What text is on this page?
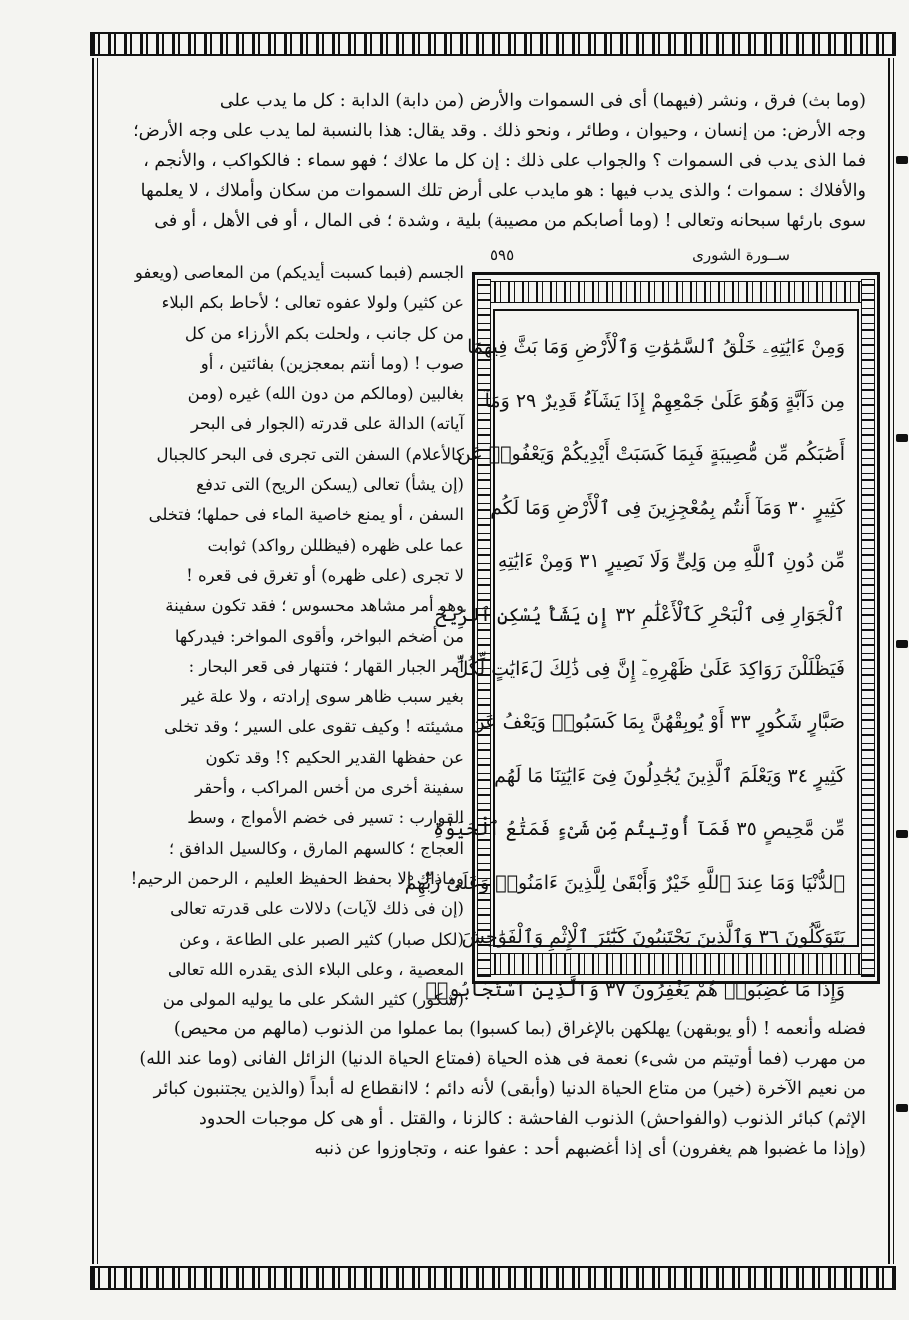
(وما بث) فرق ، ونشر (فيهما) أى فى السموات والأرض (من دابة) الدابة : كل ما يدب على

وجه الأرض: من إنسان ، وحيوان ، وطائر ، ونحو ذلك . وقد يقال: هذا بالنسبة لما يدب على وجه الأرض؛

فما الذى يدب فى السموات ؟ والجواب على ذلك : إن كل ما علاك ؛ فهو سماء : فالكواكب ، والأنجم ،

والأفلاك : سموات ؛ والذى يدب فيها : هو مايدب على أرض تلك السموات من سكان وأملاك ، لا يعلمها

سوى بارئها سبحانه وتعالى ! (وما أصابكم من مصيبة) بلية ، وشدة ؛ فى المال ، أو فى الأهل ، أو فى

ســورة الشورى
٥٩٥

الجسم (فبما كسبت أيديكم) من المعاصى (ويعفو

عن كثير) ولولا عفوه تعالى ؛ لأحاط بكم البلاء

من كل جانب ، ولحلت بكم الأرزاء من كل

صوب ! (وما أنتم بمعجزين) بفائتين ، أو

بغالبين (ومالكم من دون الله) غيره (ومن

آياته) الدالة على قدرته (الجوار فى البحر

كالأعلام) السفن التى تجرى فى البحر كالجبال

(إن يشأ) تعالى (يسكن الريح) التى تدفع

السفن ، أو يمنع خاصية الماء فى حملها؛ فتخلى

عما على ظهره (فيظللن رواكد) ثوابت

لا تجرى (على ظهره) أو تغرق فى قعره !

وهو أمر مشاهد محسوس ؛ فقد تكون سفينة

من أضخم البواخر، وأقوى المواخر: فيدركها

أمر الجبار القهار ؛ فتنهار فى قعر البحار :

بغير سبب ظاهر سوى إرادته ، ولا علة غير

مشيئته ! وكيف تقوى على السير ؛ وقد تخلى

عن حفظها القدير الحكيم ؟! وقد تكون

سفينة أخرى من أخس المراكب ، وأحقر

القوارب : تسير فى خضم الأمواج ، وسط

العجاج ؛ كالسهم المارق ، وكالسيل الدافق ؛

وماذاك إلا بحفظ الحفيظ العليم ، الرحمن الرحيم!

(إن فى ذلك لآيات) دلالات على قدرته تعالى

(لكل صبار) كثير الصبر على الطاعة ، وعن

المعصية ، وعلى البلاء الذى يقدره الله تعالى

(شكور) كثير الشكر على ما يوليه المولى من

وَمِنْ ءَايَٰتِهِۦ خَلْقُ ٱلسَّمَٰوَٰتِ وَٱلْأَرْضِ وَمَا بَثَّ فِيهِمَا
مِن دَآبَّةٍ وَهُوَ عَلَىٰ جَمْعِهِمْ إِذَا يَشَآءُ قَدِيرٌ ٢٩ وَمَآ
أَصَٰبَكُم مِّن مُّصِيبَةٍ فَبِمَا كَسَبَتْ أَيْدِيكُمْ وَيَعْفُوا۟ عَن
كَثِيرٍ ٣٠ وَمَآ أَنتُم بِمُعْجِزِينَ فِى ٱلْأَرْضِ وَمَا لَكُم
مِّن دُونِ ٱللَّهِ مِن وَلِىٍّ وَلَا نَصِيرٍ ٣١ وَمِنْ ءَايَٰتِهِ
ٱلْجَوَارِ فِى ٱلْبَحْرِ كَٱلْأَعْلَٰمِ ٣٢ إِن يَشَأْ يُسْكِنِ ٱلرِّيحَ
فَيَظْلَلْنَ رَوَاكِدَ عَلَىٰ ظَهْرِهِۦٓ إِنَّ فِى ذَٰلِكَ لَءَايَٰتٍ لِّكُلِّ
صَبَّارٍ شَكُورٍ ٣٣ أَوْ يُوبِقْهُنَّ بِمَا كَسَبُوا۟ وَيَعْفُ عَن
كَثِيرٍ ٣٤ وَيَعْلَمَ ٱلَّذِينَ يُجَٰدِلُونَ فِىٓ ءَايَٰتِنَا مَا لَهُم
مِّن مَّحِيصٍ ٣٥ فَمَآ أُوتِيتُم مِّن شَىْءٍ فَمَتَٰعُ ٱلْحَيَوٰةِ
ٱلدُّنْيَا وَمَا عِندَ ٱللَّهِ خَيْرٌ وَأَبْقَىٰ لِلَّذِينَ ءَامَنُوا۟ وَعَلَىٰ رَبِّهِمْ
يَتَوَكَّلُونَ ٣٦ وَٱلَّذِينَ يَجْتَنِبُونَ كَبَٰٓئِرَ ٱلْإِثْمِ وَٱلْفَوَٰحِشَ
وَإِذَا مَا غَضِبُوا۟ هُمْ يَغْفِرُونَ ٣٧ وَٱلَّذِينَ ٱسْتَجَابُوا۟

فضله وأنعمه ! (أو يوبقهن) يهلكهن بالإغراق (بما كسبوا) بما عملوا من الذنوب (مالهم من محيص)

من مهرب (فما أوتيتم من شىء) نعمة فى هذه الحياة (فمتاع الحياة الدنيا) الزائل الفانى (وما عند الله)

من نعيم الآخرة (خير) من متاع الحياة الدنيا (وأبقى) لأنه دائم ؛ لاانقطاع له أبداً (والذين يجتنبون كبائر

الإثم) كبائر الذنوب (والفواحش) الذنوب الفاحشة : كالزنا ، والقتل . أو هى كل موجبات الحدود

(وإذا ما غضبوا هم يغفرون) أى إذا أغضبهم أحد : عفوا عنه ، وتجاوزوا عن ذنبه
